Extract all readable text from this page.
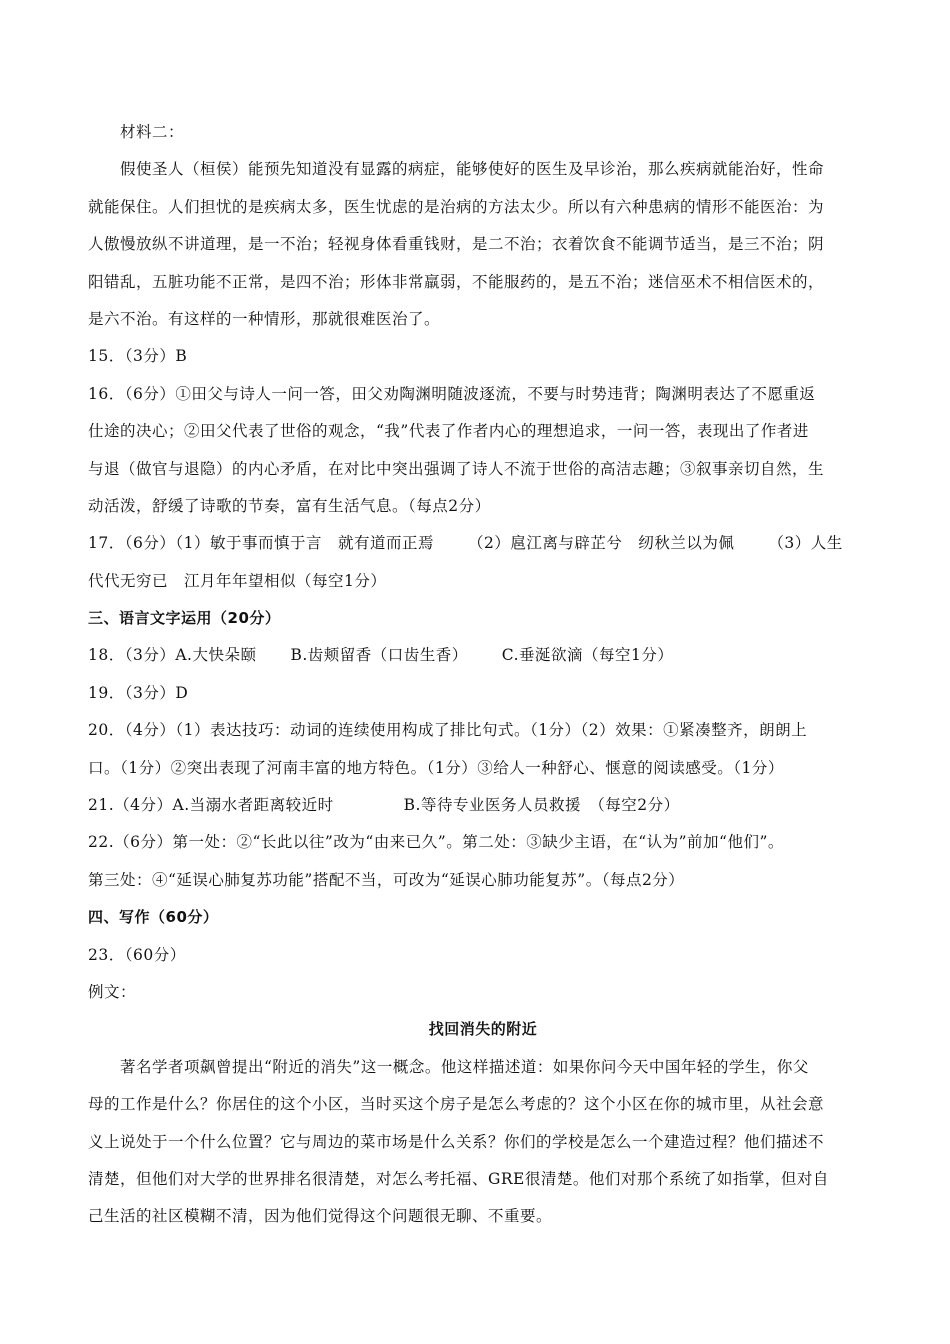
材料二：

假使圣人（桓侯）能预先知道没有显露的病症，能够使好的医生及早诊治，那么疾病就能治好，性命

就能保住。人们担忧的是疾病太多，医生忧虑的是治病的方法太少。所以有六种患病的情形不能医治：为

人傲慢放纵不讲道理，是一不治；轻视身体看重钱财，是二不治；衣着饮食不能调节适当，是三不治；阴

阳错乱，五脏功能不正常，是四不治；形体非常羸弱，不能服药的，是五不治；迷信巫术不相信医术的，

是六不治。有这样的一种情形，那就很难医治了。

15．（3分）B

16．（6分）①田父与诗人一问一答，田父劝陶渊明随波逐流，不要与时势违背；陶渊明表达了不愿重返

仕途的决心；②田父代表了世俗的观念，“我”代表了作者内心的理想追求，一问一答，表现出了作者进

与退（做官与退隐）的内心矛盾，在对比中突出强调了诗人不流于世俗的高洁志趣；③叙事亲切自然，生

动活泼，舒缓了诗歌的节奏，富有生活气息。（每点2分）

17．（6分）（1）敏于事而慎于言　就有道而正焉 （2）扈江离与辟芷兮　纫秋兰以为佩 （3）人生

代代无穷已　江月年年望相似（每空1分）

三、语言文字运用（20分）

18．（3分）A.大快朵颐 B.齿颊留香（口齿生香） C.垂涎欲滴（每空1分）

19．（3分）D

20．（4分）（1）表达技巧：动词的连续使用构成了排比句式。（1分）（2）效果：①紧凑整齐，朗朗上

口。（1分）②突出表现了河南丰富的地方特色。（1分）③给人一种舒心、惬意的阅读感受。（1分）

21.（4分）A.当溺水者距离较近时	B.等待专业医务人员救援　（每空2分）

22.（6分）第一处：②“长此以往”改为“由来已久”。第二处：③缺少主语，在“认为”前加“他们”。

第三处：④“延误心肺复苏功能”搭配不当，可改为“延误心肺功能复苏”。（每点2分）

四、写作（60分）

23．（60分）

例文：

找回消失的附近

著名学者项飙曾提出“附近的消失”这一概念。他这样描述道：如果你问今天中国年轻的学生，你父

母的工作是什么？你居住的这个小区，当时买这个房子是怎么考虑的？这个小区在你的城市里，从社会意

义上说处于一个什么位置？它与周边的菜市场是什么关系？你们的学校是怎么一个建造过程？他们描述不

清楚，但他们对大学的世界排名很清楚，对怎么考托福、GRE很清楚。他们对那个系统了如指掌，但对自

己生活的社区模糊不清，因为他们觉得这个问题很无聊、不重要。
